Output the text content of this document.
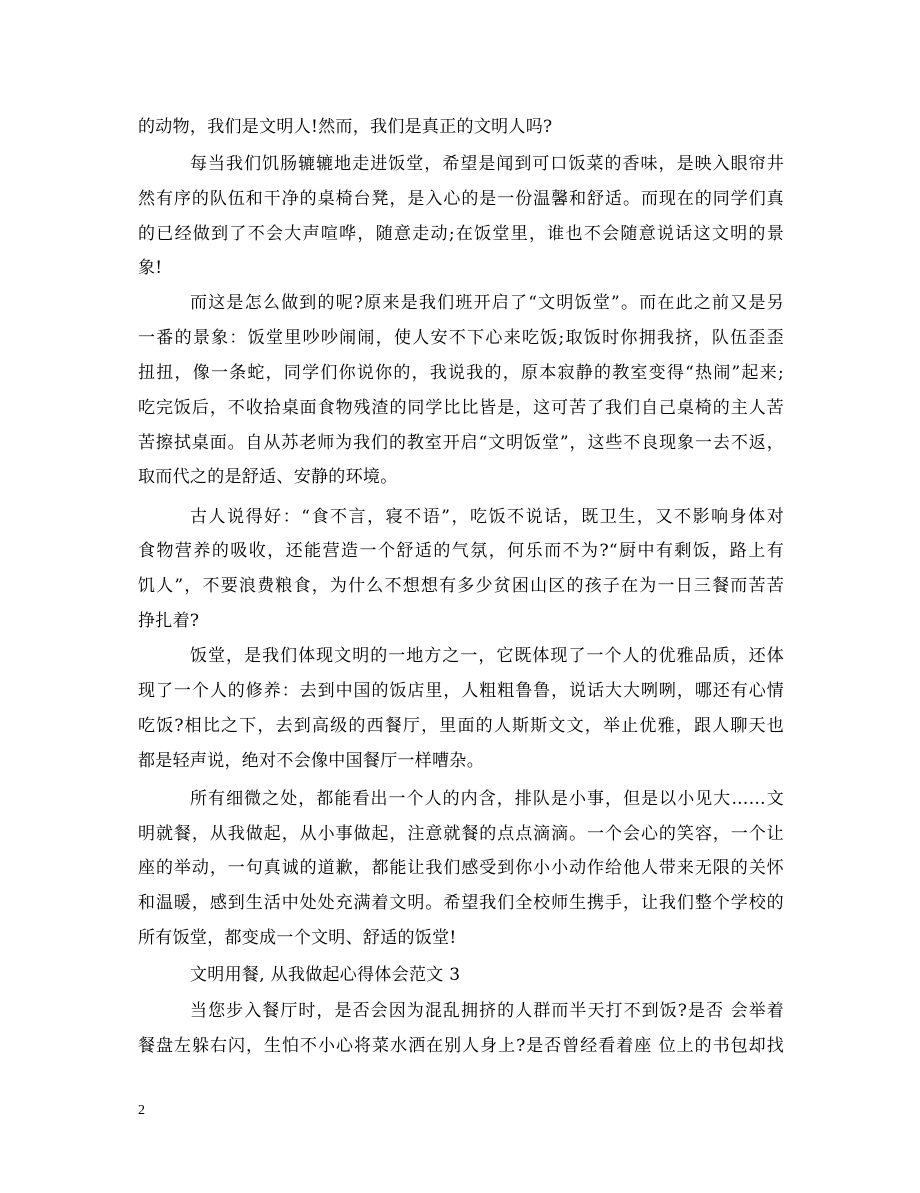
的动物，我们是文明人!然而，我们是真正的文明人吗?
每当我们饥肠辘辘地走进饭堂，希望是闻到可口饭菜的香味，是映入眼帘井
然有序的队伍和干净的桌椅台凳，是入心的是一份温馨和舒适。而现在的同学们真
的已经做到了不会大声喧哗，随意走动;在饭堂里，谁也不会随意说话这文明的景
象!
而这是怎么做到的呢?原来是我们班开启了“文明饭堂”。而在此之前又是另
一番的景象：饭堂里吵吵闹闹，使人安不下心来吃饭;取饭时你拥我挤，队伍歪歪
扭扭，像一条蛇，同学们你说你的，我说我的，原本寂静的教室变得“热闹”起来;
吃完饭后，不收拾桌面食物残渣的同学比比皆是，这可苦了我们自己桌椅的主人苦
苦擦拭桌面。自从苏老师为我们的教室开启“文明饭堂”，这些不良现象一去不返，
取而代之的是舒适、安静的环境。
古人说得好：“食不言，寝不语”，吃饭不说话，既卫生，又不影响身体对
食物营养的吸收，还能营造一个舒适的气氛，何乐而不为?“厨中有剩饭，路上有
饥人”，不要浪费粮食，为什么不想想有多少贫困山区的孩子在为一日三餐而苦苦
挣扎着?
饭堂，是我们体现文明的一地方之一，它既体现了一个人的优雅品质，还体
现了一个人的修养：去到中国的饭店里，人粗粗鲁鲁，说话大大咧咧，哪还有心情
吃饭?相比之下，去到高级的西餐厅，里面的人斯斯文文，举止优雅，跟人聊天也
都是轻声说，绝对不会像中国餐厅一样嘈杂。
所有细微之处，都能看出一个人的内含，排队是小事，但是以小见大……文
明就餐，从我做起，从小事做起，注意就餐的点点滴滴。一个会心的笑容，一个让
座的举动，一句真诚的道歉，都能让我们感受到你小小动作给他人带来无限的关怀
和温暖，感到生活中处处充满着文明。希望我们全校师生携手，让我们整个学校的
所有饭堂，都变成一个文明、舒适的饭堂!
文明用餐, 从我做起心得体会范文 3
当您步入餐厅时，是否会因为混乱拥挤的人群而半天打不到饭?是否 会举着
餐盘左躲右闪，生怕不小心将菜水洒在别人身上?是否曾经看着座 位上的书包却找
2
